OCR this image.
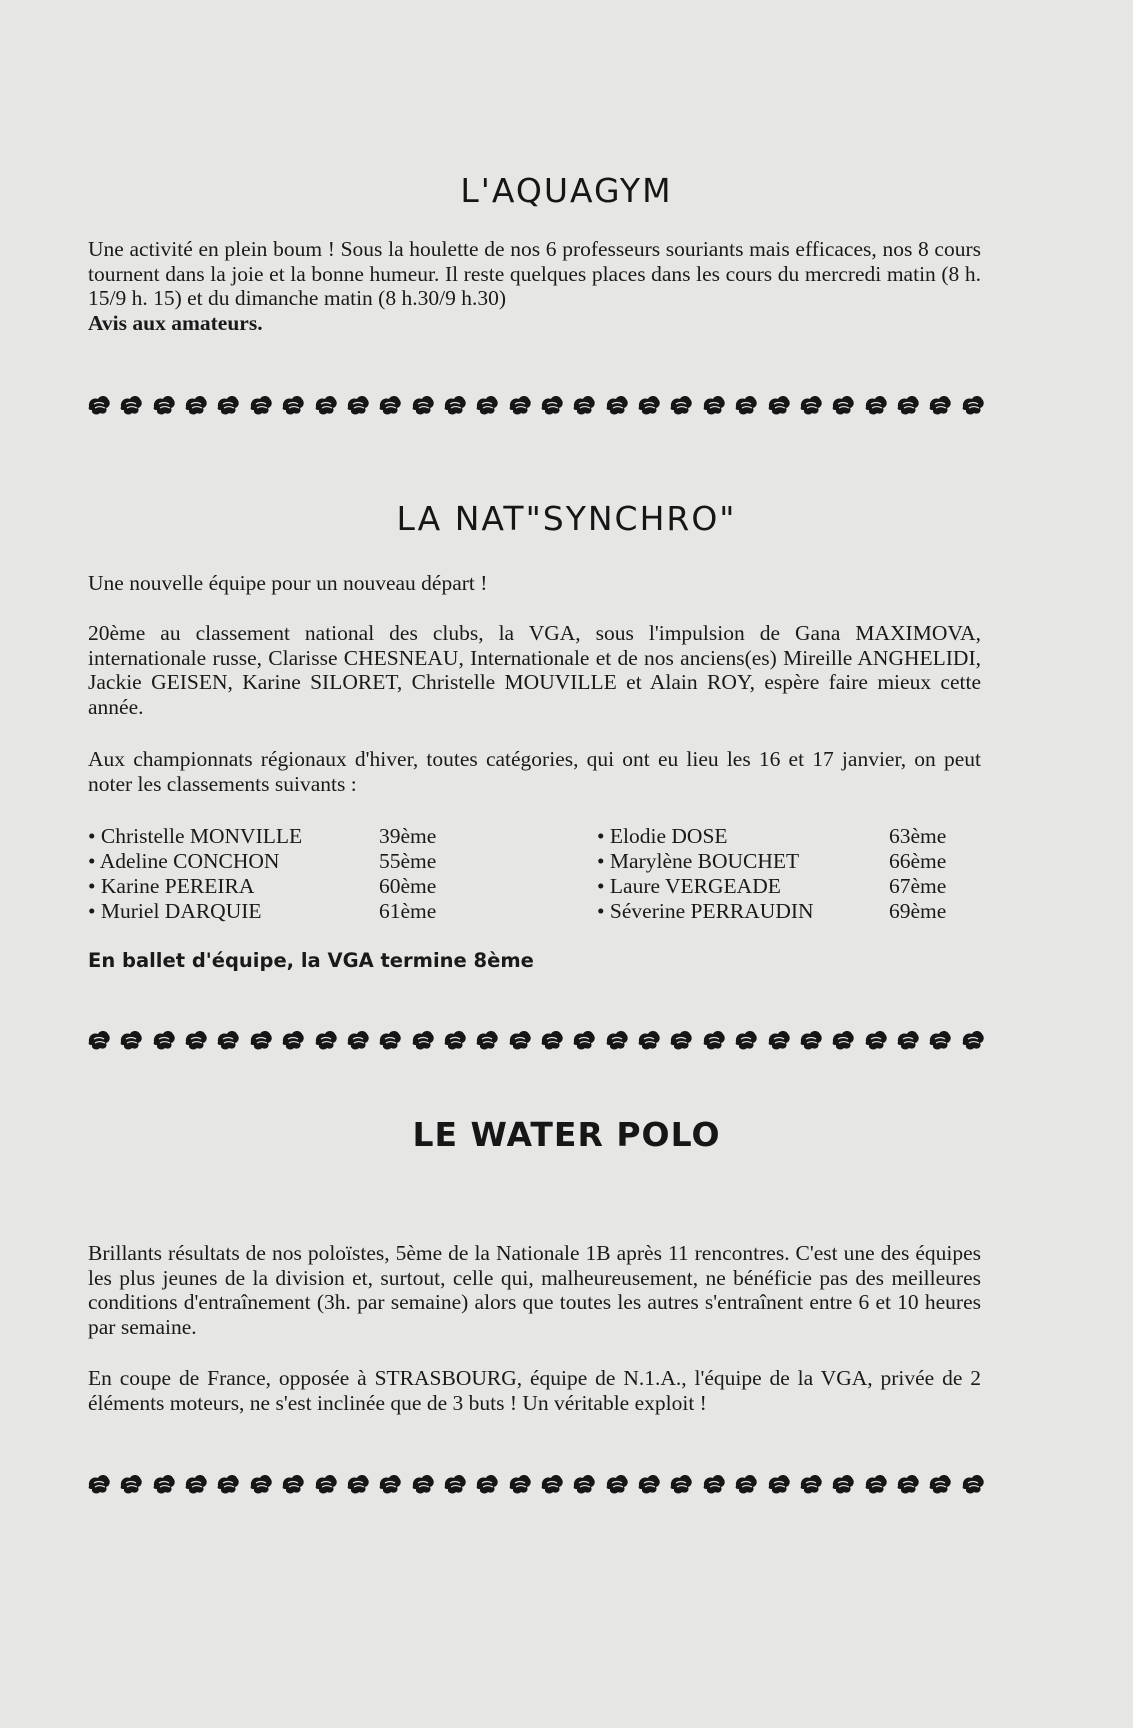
L'AQUAGYM

Une activité en plein boum ! Sous la houlette de nos 6 professeurs souriants mais efficaces, nos 8 cours tournent dans la joie et la bonne humeur. Il reste quelques places dans les cours du mercredi matin (8 h. 15/9 h. 15) et du dimanche matin (8 h.30/9 h.30)
Avis aux amateurs.

LA NAT"SYNCHRO"

Une nouvelle équipe pour un nouveau départ !

20ème au classement national des clubs, la VGA, sous l'impulsion de Gana MAXIMOVA, internationale russe, Clarisse CHESNEAU, Internationale et de nos anciens(es) Mireille ANGHELIDI, Jackie GEISEN, Karine SILORET, Christelle MOUVILLE et Alain ROY, espère faire mieux cette année.

Aux championnats régionaux d'hiver, toutes catégories, qui ont eu lieu les 16 et 17 janvier, on peut noter les classements suivants :

• Christelle MONVILLE	39ème
• Adeline CONCHON	55ème
• Karine PEREIRA	60ème
• Muriel DARQUIE	61ème
• Elodie DOSE	63ème
• Marylène BOUCHET	66ème
• Laure VERGEADE	67ème
• Séverine PERRAUDIN	69ème

En ballet d'équipe, la VGA termine 8ème

LE WATER POLO

Brillants résultats de nos poloïstes, 5ème de la Nationale 1B après 11 rencontres. C'est une des équipes les plus jeunes de la division et, surtout, celle qui, malheureusement, ne bénéficie pas des meilleures conditions d'entraînement (3h. par semaine) alors que toutes les autres s'entraînent entre 6 et 10 heures par semaine.

En coupe de France, opposée à STRASBOURG, équipe de N.1.A., l'équipe de la VGA, privée de 2 éléments moteurs, ne s'est inclinée que de 3 buts ! Un véritable exploit !
